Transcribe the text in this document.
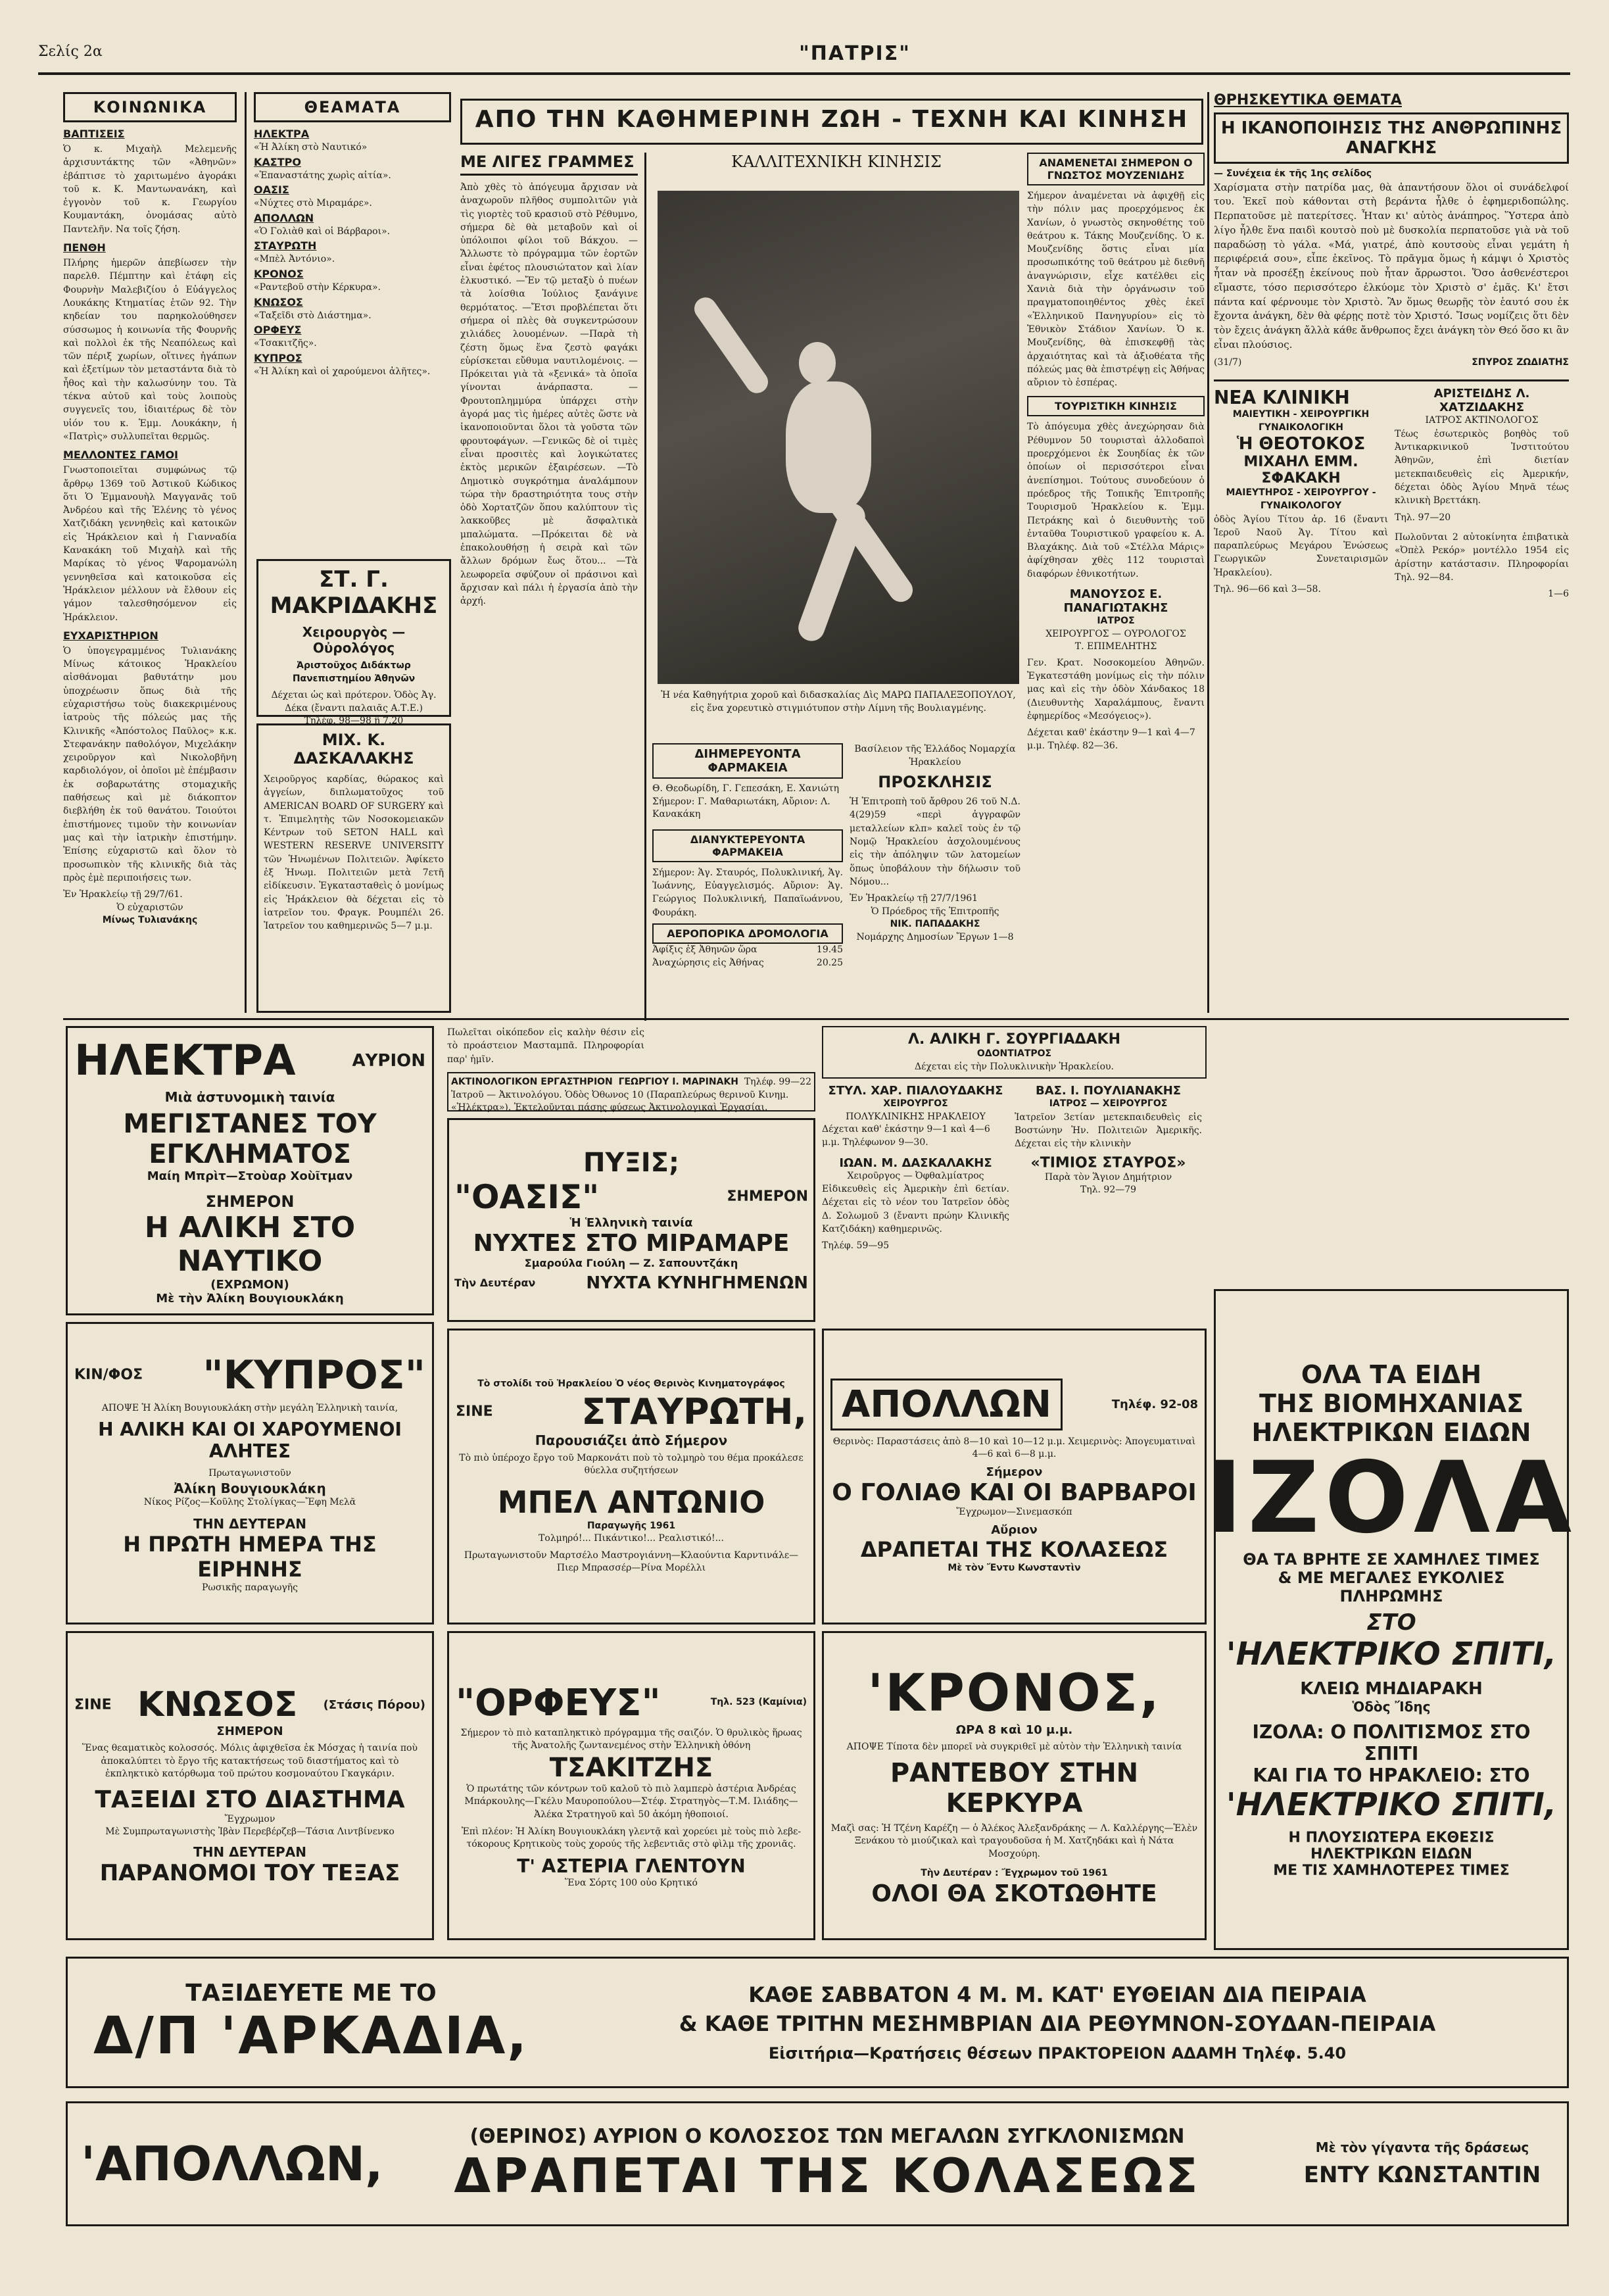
Σελίς 2α	"ΠΑΤΡΙΣ"
ΚΟΙΝΩΝΙΚΑ
ΒΑΠΤΙΣΕΙΣ

Ὁ κ. Μιχαὴλ Μελεμενῆς ἀρχισυντάκτης τῶν «Ἀθηνῶν» ἐβάπτισε τὸ χαριτωμένο ἀγοράκι τοῦ κ. Κ. Μαντωνανάκη, καὶ ἐγγονὸν τοῦ κ. Γεωργίου Κουμαντάκη, ὀνομάσας αὐτὸ Παντελῆν. Να τοῖς ζήση.

ΠΕΝΘΗ

Πλήρης ἡμερῶν ἀπεβίωσεν τὴν παρελθ. Πέμπτην καὶ ἐτάφη εἰς Φουρνὴν Μαλεβιζίου ὁ Εὐάγγελος Λουκάκης Κτηματίας ἐτῶν 92. Τὴν κηδείαν του παρηκολούθησεν σύσσωμος ἡ κοινωνία τῆς Φουρνῆς καὶ πολλοὶ ἐκ τῆς Νεαπόλεως καὶ τῶν πέριξ χωρίων, οἵτινες ἠγάπων καὶ ἐξετίμων τὸν μεταστάντα διὰ τὸ ἦθος καὶ τὴν καλωσύνην του. Τὰ τέκνα αὐτοῦ καὶ τοὺς λοιποὺς συγγενεῖς του, ἰδιαιτέρως δὲ τὸν υἱόν του κ. Ἐμμ. Λουκάκην, ἡ «Πατρὶς» συλλυπεῖται θερμῶς.

ΜΕΛΛΟΝΤΕΣ ΓΑΜΟΙ

Γνωστοποιεῖται συμφώνως τῷ ἄρθρῳ 1369 τοῦ Ἀστικοῦ Κώδικος ὅτι Ὁ Ἐμμανουὴλ Μαγγανᾶς τοῦ Ἀνδρέου καὶ τῆς Ἑλένης τὸ γένος Χατζιδάκη γεννηθεὶς καὶ κατοικῶν εἰς Ἡράκλειον καὶ ἡ Γιανναδία Κανακάκη τοῦ Μιχαὴλ καὶ τῆς Μαρίκας τὸ γένος Ψαρομανώλη γεννηθεῖσα καὶ κατοικοῦσα εἰς Ἡράκλειον μέλλουν νὰ ἔλθουν εἰς γάμον ταλεσθησόμενον εἰς Ἡράκλειον.

ΕΥΧΑΡΙΣΤΗΡΙΟΝ

Ὁ ὑπογεγραμμένος Τυλιανάκης Μίνως κάτοικος Ἡρακλείου αἰσθάνομαι βαθυτάτην μου ὑποχρέωσιν ὅπως διὰ τῆς εὐχαριστήσω τοὺς διακεκριμένους ἰατροὺς τῆς πόλεώς μας τῆς Κλινικῆς «Ἀπόστολος Παῦλος» κ.κ. Στεφανάκην παθολόγον, Μιχελάκην χειροῦργον καὶ Νικολοβῆνη καρδιολόγον, οἱ ὁποῖοι μὲ ἐπέμβασιν ἐκ σοβαρωτάτης στομαχικῆς παθήσεως καὶ μὲ διάκοπτον διεβλήθη ἐκ τοῦ θανάτου. Τοιούτοι ἐπιστήμονες τιμοῦν τὴν κοινωνίαν μας καὶ τὴν ἰατρικὴν ἐπιστήμην. Ἐπίσης εὐχαριστῶ καὶ ὅλον τὸ προσωπικὸν τῆς κλινικῆς διὰ τὰς πρὸς ἐμὲ περιποιήσεις των.

Ἐν Ἡρακλείῳ τῇ 29/7/61.
Ὁ εὐχαριστῶν
Μίνως Τυλιανάκης
ΘΕΑΜΑΤΑ
ΗΛΕΚΤΡΑ
«Ἡ Ἀλίκη στὸ Ναυτικό»
ΚΑΣΤΡΟ
«Ἐπαναστάτης χωρὶς αἰτία».
ΟΑΣΙΣ
«Νύχτες στὸ Μιραμάρε».
ΑΠΟΛΛΩΝ
«Ὁ Γολιὰθ καὶ οἱ Βάρβαροι».
ΣΤΑΥΡΩΤΗ
«Μπὲλ Ἀντόνιο».
ΚΡΟΝΟΣ
«Ραντεβοῦ στὴν Κέρκυρα».
ΚΝΩΣΟΣ
«Ταξεῖδι στὸ Διάστημα».
ΟΡΦΕΥΣ
«Τσακιτζῆς».
ΚΥΠΡΟΣ
«Ἡ Ἀλίκη καὶ οἱ χαρούμενοι ἀλῆτες».
ΣΤ. Γ. ΜΑΚΡΙΔΑΚΗΣ
Χειρουργὸς — Οὐρολόγος
Ἀριστοῦχος Διδάκτωρ Πανεπιστημίου Ἀθηνῶν
Δέχεται ὡς καὶ πρότερον. Ὁδὸς Ἀγ. Δέκα (ἔναντι παλαιᾶς Α.Τ.Ε.)
Τηλέφ. 98—98 ἢ 7.20
ΜΙΧ. Κ. ΔΑΣΚΑΛΑΚΗΣ

Χειροῦργος καρδίας, θώρακος καὶ ἀγγείων, διπλωματοῦχος τοῦ AMERICAN BOARD OF SURGERY καὶ τ. Ἐπιμελητὴς τῶν Νοσοκομειακῶν Κέντρων τοῦ SETON HALL καὶ WESTERN RESERVE UNIVERSITY τῶν Ἡνωμένων Πολιτειῶν. Ἀφίκετο ἐξ Ἡνωμ. Πολιτειῶν μετὰ 7ετῆ εἰδίκευσιν. Ἐγκατασταθεὶς ὁ μονίμως εἰς Ἡράκλειον θὰ δέχεται εἰς τὸ ἰατρεῖον του. Φραγκ. Ρουμπέλι 26. Ἰατρεῖον του καθημερινῶς 5—7 μ.μ.

ΑΠΟ ΤΗΝ ΚΑΘΗΜΕΡΙΝΗ ΖΩΗ - ΤΕΧΝΗ ΚΑΙ ΚΙΝΗΣΗ
ΜΕ ΛΙΓΕΣ ΓΡΑΜΜΕΣ

Ἀπὸ χθὲς τὸ ἀπόγευμα ἄρχισαν νὰ ἀναχωροῦν πλῆθος συμπολιτῶν γιὰ τὶς γιορτὲς τοῦ κρασιοῦ στὸ Ρέθυμνο, σήμερα δὲ θὰ μεταβοῦν καὶ οἱ ὑπόλοιποι φίλοι τοῦ Βάκχου. —Ἄλλωστε τὸ πρόγραμμα τῶν ἑορτῶν εἶναι ἐφέτος πλουσιώτατον καὶ λίαν ἐλκυστικό. —Ἔν τῷ μεταξὺ ὁ πυέων τὰ λοίσθια Ἰούλιος ξανάγινε θερμότατος. —Ἔτσι προβλέπεται ὅτι σήμερα οἱ πλὲς θὰ συγκεντρώσουν χιλιάδες λουομένων. —Παρὰ τὴ ζέστη ὅμως ἕνα ζεστὸ φαγάκι εὑρίσκεται εὔθυμα ναυτιλομένοις. —Πρόκειται γιὰ τὰ «ξενικά» τὰ ὁποῖα γίνονται ἀνάρπαστα. —Φρουτοπλημμύρα ὑπάρχει στὴν ἀγορά μας τὶς ἡμέρες αὐτὲς ὥστε νὰ ἱκανοποιοῦνται ὅλοι τὰ γοῦστα τῶν φρουτοφάγων. —Γενικῶς δὲ οἱ τιμὲς εἶναι προσιτὲς καὶ λογικώτατες ἐκτὸς μερικῶν ἐξαιρέσεων. —Τὸ Δημοτικὸ συγκρότημα ἀναλάμπουν τώρα τὴν δραστηριότητα τους στὴν ὁδὸ Χορτατζῶν ὅπου καλύπτουν τὶς λακκοῦβες μὲ ἄσφαλτικὰ μπαλώματα. —Πρόκειται δὲ νὰ ἐπακολουθήσῃ ἡ σειρὰ καὶ τῶν ἄλλων δρόμων ἔως ὅτου... —Τὰ λεωφορεῖα σφύζουν οἱ πράσινοι καὶ ἄρχισαν καὶ πάλι ἡ ἐργασία ἀπὸ τὴν ἀρχή.

ΚΑΛΛΙΤΕΧΝΙΚΗ ΚΙΝΗΣΙΣ
Ἡ νέα Καθηγήτρια χοροῦ καὶ διδασκαλίας Δὶς ΜΑΡΩ ΠΑΠΑΛΕΞΟΠΟΥΛΟΥ, εἰς ἕνα χορευτικὸ στιγμιότυπον στὴν Λίμνη τῆς Βουλιαγμένης.
ΔΙΗΜΕΡΕΥΟΝΤΑ ΦΑΡΜΑΚΕΙΑ
Θ. Θεοδωρίδη, Γ. Γεπεσάκη, Ε. Χανιώτη
Σήμερον: Γ. Μαθαριωτάκη, Αὔριον: Λ. Κανακάκη
ΔΙΑΝΥΚΤΕΡΕΥΟΝΤΑ ΦΑΡΜΑΚΕΙΑ

Σήμερον: Ἁγ. Σταυρός, Πολυκλινική, Ἁγ. Ἰωάννης, Εὐαγγελισμός. Αὔριον: Ἁγ. Γεώργιος Πολυκλινική, Παπαϊωάννου, Φουράκη.

ΑΕΡΟΠΟΡΙΚΑ ΔΡΟΜΟΛΟΓΙΑ
Ἀφίξις ἐξ Ἀθηνῶν ὥρα	19.45
Ἀναχώρησις εἰς Ἀθήνας	20.25
Βασίλειον τῆς Ἑλλάδος Νομαρχία Ἡρακλείου
ΠΡΟΣΚΛΗΣΙΣ

Ἡ Ἐπιτροπὴ τοῦ ἄρθρου 26 τοῦ Ν.Δ. 4(29)59 «περὶ ἀγγραφῶν μεταλλείων κλπ» καλεῖ τοὺς ἐν τῷ Νομῷ Ἡρακλείου ἀσχολουμένους εἰς τὴν ἀπόληψιν τῶν λατομείων ὅπως ὑποβάλουν τὴν δήλωσιν τοῦ Νόμου...

Ἐν Ἡρακλείῳ τῇ 27/7/1961
Ὁ Πρόεδρος τῆς Ἐπιτροπῆς
ΝΙΚ. ΠΑΠΑΔΑΚΗΣ
Νομάρχης Δημοσίων Ἔργων 1—8
ΑΝΑΜΕΝΕΤΑΙ ΣΗΜΕΡΟΝ Ο ΓΝΩΣΤΟΣ ΜΟΥΖΕΝΙΔΗΣ

Σήμερον ἀναμένεται νὰ ἀφιχθῇ εἰς τὴν πόλιν μας προερχόμενος ἐκ Χανίων, ὁ γνωστὸς σκηνοθέτης τοῦ θεάτρου κ. Τάκης Μουζενίδης. Ὁ κ. Μουζενίδης ὅστις εἶναι μία προσωπικότης τοῦ θεάτρου μὲ διεθνῆ ἀναγνώρισιν, εἶχε κατέλθει εἰς Χανιὰ διὰ τὴν ὀργάνωσιν τοῦ πραγματοποιηθέντος χθὲς ἐκεῖ «Ἑλληνικοῦ Πανηγυρίου» εἰς τὸ Ἐθνικὸν Στάδιον Χανίων. Ὁ κ. Μουζενίδης, θὰ ἐπισκεφθῇ τὰς ἀρχαιότητας καὶ τὰ ἀξιοθέατα τῆς πόλεώς μας θὰ ἐπιστρέψῃ εἰς Ἀθήνας αὔριον τὸ ἑσπέρας.

ΤΟΥΡΙΣΤΙΚΗ ΚΙΝΗΣΙΣ

Τὸ ἀπόγευμα χθὲς ἀνεχώρησαν διὰ Ρέθυμνον 50 τουρισταὶ ἀλλοδαποὶ προερχόμενοι ἐκ Σουηδίας ἐκ τῶν ὁποίων οἱ περισσότεροι εἶναι ἀνεπίσημοι. Τούτους συνοδεύουν ὁ πρόεδρος τῆς Τοπικῆς Ἐπιτροπῆς Τουρισμοῦ Ἡρακλείου κ. Ἐμμ. Πετράκης καὶ ὁ διευθυντὴς τοῦ ἐνταῦθα Τουριστικοῦ γραφείου κ. Α. Βλαχάκης. Διὰ τοῦ «Στέλλα Μάρις» ἀφίχθησαν χθὲς 112 τουρισταὶ διαφόρων ἐθνικοτήτων.

ΜΑΝΟΥΣΟΣ Ε. ΠΑΝΑΓΙΩΤΑΚΗΣ
ΙΑΤΡΟΣ
ΧΕΙΡΟΥΡΓΟΣ — ΟΥΡΟΛΟΓΟΣ
Τ. ΕΠΙΜΕΛΗΤΗΣ

Γεν. Κρατ. Νοσοκομείου Ἀθηνῶν. Ἐγκατεστάθη μονίμως εἰς τὴν πόλιν μας καὶ εἰς τὴν ὁδὸν Χάνδακος 18 (Διευθυντὴς Χαραλάμπους, ἔναντι ἐφημερίδος «Μεσόγειος»).

Δέχεται καθ' ἑκάστην 9—1 καὶ 4—7 μ.μ. Τηλέφ. 82—36.
ΘΡΗΣΚΕΥΤΙΚΑ ΘΕΜΑΤΑ
Η ΙΚΑΝΟΠΟΙΗΣΙΣ ΤΗΣ ΑΝΘΡΩΠΙΝΗΣ ΑΝΑΓΚΗΣ
— Συνέχεια ἐκ τῆς 1ης σελίδος

Χαρίσματα στὴν πατρίδα μας, θὰ ἀπαντήσουν ὅλοι οἱ συνάδελφοί του. Ἐκεῖ ποὺ κάθονται στὴ βεράντα ἦλθε ὁ ἐφημεριδοπώλης. Περπατοῦσε μὲ πατερίτσες. Ἦταν κι' αὐτὸς ἀνάπηρος. Ὕστερα ἀπὸ λίγο ἦλθε ἕνα παιδὶ κουτσὸ ποὺ μὲ δυσκολία περπατοῦσε γιὰ νὰ τοῦ παραδώσῃ τὸ γάλα. «Μά, γιατρέ, ἀπὸ κουτσοὺς εἶναι γεμάτη ἡ περιφέρειά σου», εἶπε ἐκεῖνος. Τὸ πρᾶγμα ὅμως ἡ κάμψι ὁ Χριστὸς ἦταν νὰ προσέξῃ ἐκείνους ποὺ ἦταν ἄρρωστοι. Ὅσο ἀσθενέστεροι εἴμαστε, τόσο περισσότερο ἑλκύομε τὸν Χριστὸ σ' ἐμᾶς. Κι' ἔτσι πάντα καί φέρνουμε τὸν Χριστὸ. Ἂν ὅμως θεωρῇς τὸν ἑαυτό σου ἐκ ἔχοντα ἀνάγκη, δὲν θὰ φέρῃς ποτὲ τὸν Χριστό. Ἴσως νομίζεις ὅτι δὲν τὸν ἔχεις ἀνάγκη ἄλλὰ κάθε ἄνθρωπος ἔχει ἀνάγκη τὸν Θεό ὅσο κι ἂν εἶναι πλούσιος.

(31/7)	ΣΠΥΡΟΣ ΖΩΔΙΑΤΗΣ
ΝΕΑ ΚΛΙΝΙΚΗ
ΜΑΙΕΥΤΙΚΗ - ΧΕΙΡΟΥΡΓΙΚΗ ΓΥΝΑΙΚΟΛΟΓΙΚΗ
Ἡ ΘΕΟΤΟΚΟΣ
ΜΙΧΑΗΛ ΕΜΜ. ΣΦΑΚΑΚΗ
ΜΑΙΕΥΤΗΡΟΣ - ΧΕΙΡΟΥΡΓΟΥ - ΓΥΝΑΙΚΟΛΟΓΟΥ

ὁδὸς Ἁγίου Τίτου ἀρ. 16 (ἔναντι Ἱεροῦ Ναοῦ Ἁγ. Τίτου καὶ παραπλεύρως Μεγάρου Ἐνώσεως Γεωργικῶν Συνεταιρισμῶν Ἡρακλείου).

Τηλ. 96—66 καὶ 3—58.
ΑΡΙΣΤΕΙΔΗΣ Λ. ΧΑΤΖΙΔΑΚΗΣ
ΙΑΤΡΟΣ ΑΚΤΙΝΟΛΟΓΟΣ

Τέως ἐσωτερικὸς βοηθὸς τοῦ Ἀντικαρκινικοῦ Ἰνστιτούτου Ἀθηνῶν, ἐπὶ διετίαν μετεκπαιδευθεὶς εἰς Ἀμερικήν, δέχεται ὁδὸς Ἁγίου Μηνᾶ τέως κλινικὴ Βρεττάκη.

Τηλ. 97—20

Πωλοῦνται 2 αὐτοκίνητα ἐπιβατικὰ «Ὀπὲλ Ρεκόρ» μοντέλλο 1954 εἰς ἀρίστην κατάστασιν. Πληροφορίαι Τηλ. 92—84.

1—6
ΗΛΕΚΤΡΑ	ΑΥΡΙΟΝ
Μιὰ ἀστυνομικὴ ταινία
ΜΕΓΙΣΤΑΝΕΣ ΤΟΥ ΕΓΚΛΗΜΑΤΟΣ
Μαίη Μπρὶτ—Στοὺαρ Χοὺῖτμαν
ΣΗΜΕΡΟΝ
Η ΑΛΙΚΗ ΣΤΟ ΝΑΥΤΙΚΟ
(ΕΧΡΩΜΟΝ)
Μὲ τὴν Ἀλίκη Βουγιουκλάκη

Πωλεῖται οἰκόπεδον εἰς καλὴν θέσιν εἰς τὸ προάστειον Μασταμπᾶ. Πληροφορίαι παρ' ἡμῖν.

ΑΚΤΙΝΟΛΟΓΙΚΟΝ ΕΡΓΑΣΤΗΡΙΟΝ ΓΕΩΡΓΙΟΥ Ι. ΜΑΡΙΝΑΚΗ Τηλέφ. 99—22
Ἰατροῦ — Ἀκτινολόγου. Ὁδὸς Ὀθωνος 10 (Παραπλεύρως θερινοῦ Κινημ. «Ἠλέκτρα»). Ἐκτελοῦνται πάσης φύσεως Ἀκτινολογικαὶ Ἐργασίαι.
ΠΥΞΙΣ;
"ΟΑΣΙΣ"	ΣΗΜΕΡΟΝ
Ἡ Ἑλληνικὴ ταινία
ΝΥΧΤΕΣ ΣΤΟ ΜΙΡΑΜΑΡΕ
Σμαρούλα Γιούλη — Ζ. Σαπουντζάκη
Τὴν Δευτέραν	ΝΥΧΤΑ ΚΥΝΗΓΗΜΕΝΩΝ
Λ. ΑΛΙΚΗ Γ. ΣΟΥΡΓΙΑΔΑΚΗ
ΟΔΟΝΤΙΑΤΡΟΣ
Δέχεται εἰς τὴν Πολυκλινικὴν Ἡρακλείου.
ΣΤΥΛ. ΧΑΡ. ΠΙΑΛΟΥΔΑΚΗΣ
ΧΕΙΡΟΥΡΓΟΣ
ΠΟΛΥΚΛΙΝΙΚΗΣ ΗΡΑΚΛΕΙΟΥ
Δέχεται καθ' ἑκάστην 9—1 καὶ 4—6 μ.μ. Τηλέφωνον 9—30.
ΙΩΑΝ. Μ. ΔΑΣΚΑΛΑΚΗΣ
Χειροῦργος — Ὀφθαλμίατρος

Εἰδικευθεὶς εἰς Ἀμερικὴν ἐπὶ 6ετίαν. Δέχεται εἰς τὸ νέον του Ἰατρεῖον ὁδὸς Δ. Σολωμοῦ 3 (ἔναντι πρώην Κλινικῆς Κατζιδάκη) καθημερινῶς.

Τηλέφ. 59—95
ΒΑΣ. Ι. ΠΟΥΛΙΑΝΑΚΗΣ
ΙΑΤΡΟΣ — ΧΕΙΡΟΥΡΓΟΣ

Ἰατρεῖον 3ετίαν μετεκπαιδευθεὶς εἰς Βοστώνην Ἡν. Πολιτειῶν Ἀμερικῆς. Δέχεται εἰς τὴν κλινικὴν

«ΤΙΜΙΟΣ ΣΤΑΥΡΟΣ»
Παρὰ τὸν Ἅγιον Δημήτριον
Τηλ. 92—79
ΚΙΝ/ΦΟΣ "ΚΥΠΡΟΣ"
ΑΠΟΨΕ Ἡ Ἀλίκη Βουγιουκλάκη στὴν μεγάλη Ἑλληνικὴ ταινία,
Η ΑΛΙΚΗ ΚΑΙ ΟΙ ΧΑΡΟΥΜΕΝΟΙ ΑΛΗΤΕΣ
Πρωταγωνιστοῦν
Ἀλίκη Βουγιουκλάκη
Νίκος Ρίζος—Κοῦλης Στολίγκας—Ἔφη Μελᾶ
ΤΗΝ ΔΕΥΤΕΡΑΝ
Η ΠΡΩΤΗ ΗΜΕΡΑ ΤΗΣ ΕΙΡΗΝΗΣ
Ρωσικῆς παραγωγῆς
Τὸ στολίδι τοῦ Ἡρακλείου Ὁ νέος Θερινὸς Κινηματογράφος
ΣΙΝΕ ΣΤΑΥΡΩΤΗ,
Παρουσιάζει ἀπὸ Σήμερον
Τὸ πιὸ ὑπέροχο ἔργο τοῦ Μαρκονάτι ποὺ τὸ τολμηρὸ του θέμα προκάλεσε θύελλα συζητήσεων
ΜΠΕΛ ΑΝΤΩΝΙΟ
Παραγωγῆς 1961
Τολμηρό!... Πικάντικο!... Ρεαλιστικό!...
Πρωταγωνιστοῦν Μαρτσέλο Μαστρογιάννη—Κλαούντια Καρντινάλε—Πιερ Μπρασσέρ—Ρίνα Μορέλλι
ΑΠΟΛΛΩΝ	Τηλέφ. 92-08
Θερινὸς: Παραστάσεις ἀπὸ 8—10 καὶ 10—12 μ.μ. Χειμερινὸς: Ἀπογευματιναὶ 4—6 καὶ 6—8 μ.μ.
Σήμερον
Ο ΓΟΛΙΑΘ ΚΑΙ ΟΙ ΒΑΡΒΑΡΟΙ
Ἔγχρωμον—Σινεμασκόπ
Αὔριον
ΔΡΑΠΕΤΑΙ ΤΗΣ ΚΟΛΑΣΕΩΣ
Μὲ τὸν Ἔντυ Κωνσταντὶν
ΟΛΑ ΤΑ ΕΙΔΗ
ΤΗΣ ΒΙΟΜΗΧΑΝΙΑΣ
ΗΛΕΚΤΡΙΚΩΝ ΕΙΔΩΝ
ΙΖΟΛΑ
ΘΑ ΤΑ ΒΡΗΤΕ ΣΕ ΧΑΜΗΛΕΣ ΤΙΜΕΣ
& ΜΕ ΜΕΓΑΛΕΣ ΕΥΚΟΛΙΕΣ ΠΛΗΡΩΜΗΣ
ΣΤΟ
'ΗΛΕΚΤΡΙΚΟ ΣΠΙΤΙ,
ΚΛΕΙΩ ΜΗΔΙΑΡΑΚΗ
Ὁδὸς Ἴδης
ΙΖΟΛΑ: Ο ΠΟΛΙΤΙΣΜΟΣ ΣΤΟ ΣΠΙΤΙ
ΚΑΙ ΓΙΑ ΤΟ ΗΡΑΚΛΕΙΟ: ΣΤΟ
'ΗΛΕΚΤΡΙΚΟ ΣΠΙΤΙ,
Η ΠΛΟΥΣΙΩΤΕΡΑ ΕΚΘΕΣΙΣ
ΗΛΕΚΤΡΙΚΩΝ ΕΙΔΩΝ
ΜΕ ΤΙΣ ΧΑΜΗΛΟΤΕΡΕΣ ΤΙΜΕΣ
ΣΙΝΕ ΚΝΩΣΟΣ (Στάσις Πόρου)
ΣΗΜΕΡΟΝ
Ἕνας θεαματικὸς κολοσσός. Μόλις ἀφιχθεῖσα ἐκ Μόσχας ἡ ταινία ποὺ ἀποκαλύπτει τὸ ἔργο τῆς κατακτήσεως τοῦ διαστήματος καὶ τὸ ἐκπληκτικὸ κατόρθωμα τοῦ πρώτου κοσμοναύτου Γκαγκάριν.
ΤΑΞΕΙΔΙ ΣΤΟ ΔΙΑΣΤΗΜΑ
Ἔγχρωμον
Μὲ Συμπρωταγωνιστὴς Ἰβὰν Περεβέρζεβ—Τάσια Λιντβίνενκο
ΤΗΝ ΔΕΥΤΕΡΑΝ
ΠΑΡΑΝΟΜΟΙ ΤΟΥ ΤΕΞΑΣ
"ΟΡΦΕΥΣ"	Τηλ. 523 (Καμίνια)
Σήμερον τὸ πιὸ καταπληκτικὸ πρόγραμμα τῆς σαιζόν. Ὁ θρυλικὸς ἥρωας τῆς Ἀνατολῆς ζωντανεμένος στὴν Ἑλληνικὴ ὀθόνη
ΤΣΑΚΙΤΖΗΣ
Ὁ πρωτάτης τῶν κόντρων τοῦ καλοῦ τὸ πιὸ λαμπερὸ ἀστέρια Ἀνδρέας Μπάρκουλης—Γκέλυ Μαυροπούλου—Στέφ. Στρατηγὸς—Τ.Μ. Ιλιάδης—Ἀλέκα Στρατηγοῦ καὶ 50 ἀκόμη ἠθοποιοί.
Ἐπὶ πλέον: Ἡ Ἀλίκη Βουγιουκλάκη γλεντᾷ καὶ χορεύει μὲ τοὺς πιὸ λεβε-τόκορους Κρητικοὺς τοὺς χορούς τῆς λεβεντιᾶς στὸ φὶλμ τῆς χρονιᾶς.
Τ' ΑΣΤΕΡΙΑ ΓΛΕΝΤΟΥΝ
Ἕνα Σόρτς 100 οὐο Κρητικό
'ΚΡΟΝΟΣ,
ΩΡΑ 8 καὶ 10 μ.μ.
ΑΠΟΨΕ Τίποτα δὲν μπορεῖ νὰ συγκριθεῖ μὲ αὐτὸν τὴν Ἑλληνικὴ ταινία
ΡΑΝΤΕΒΟΥ ΣΤΗΝ ΚΕΡΚΥΡΑ
Μαζὶ σας: Ἡ Τζένη Καρέζη — ὁ Ἀλέκος Ἀλεξανδράκης — Λ. Καλλέργης—Ἑλὲν Ξενάκου τὸ μιούζικαλ καὶ τραγουδοῦσα ἡ Μ. Χατζηδάκι καὶ ἡ Νάτα Μοσχούρη.
Τὴν Δευτέραν : Ἔγχρωμον τοῦ 1961
ΟΛΟΙ ΘΑ ΣΚΟΤΩΘΗΤΕ
ΤΑΞΙΔΕΥΕΤΕ ΜΕ ΤΟ
Δ/Π 'ΑΡΚΑΔΙΑ,
ΚΑΘΕ ΣΑΒΒΑΤΟΝ 4 Μ. Μ. ΚΑΤ' ΕΥΘΕΙΑΝ ΔΙΑ ΠΕΙΡΑΙΑ
& ΚΑΘΕ ΤΡΙΤΗΝ ΜΕΣΗΜΒΡΙΑΝ ΔΙΑ ΡΕΘΥΜΝΟΝ-ΣΟΥΔΑΝ-ΠΕΙΡΑΙΑ
Εἰσιτήρια—Κρατήσεις θέσεων ΠΡΑΚΤΟΡΕΙΟΝ ΑΔΑΜΗ Τηλέφ. 5.40
'ΑΠΟΛΛΩΝ,	(ΘΕΡΙΝΟΣ) ΑΥΡΙΟΝ Ο ΚΟΛΟΣΣΟΣ ΤΩΝ ΜΕΓΑΛΩΝ ΣΥΓΚΛΟΝΙΣΜΩΝ
ΔΡΑΠΕΤΑΙ ΤΗΣ ΚΟΛΑΣΕΩΣ
Μὲ τὸν γίγαντα τῆς δράσεως
ΕΝΤΥ ΚΩΝΣΤΑΝΤΙΝ
